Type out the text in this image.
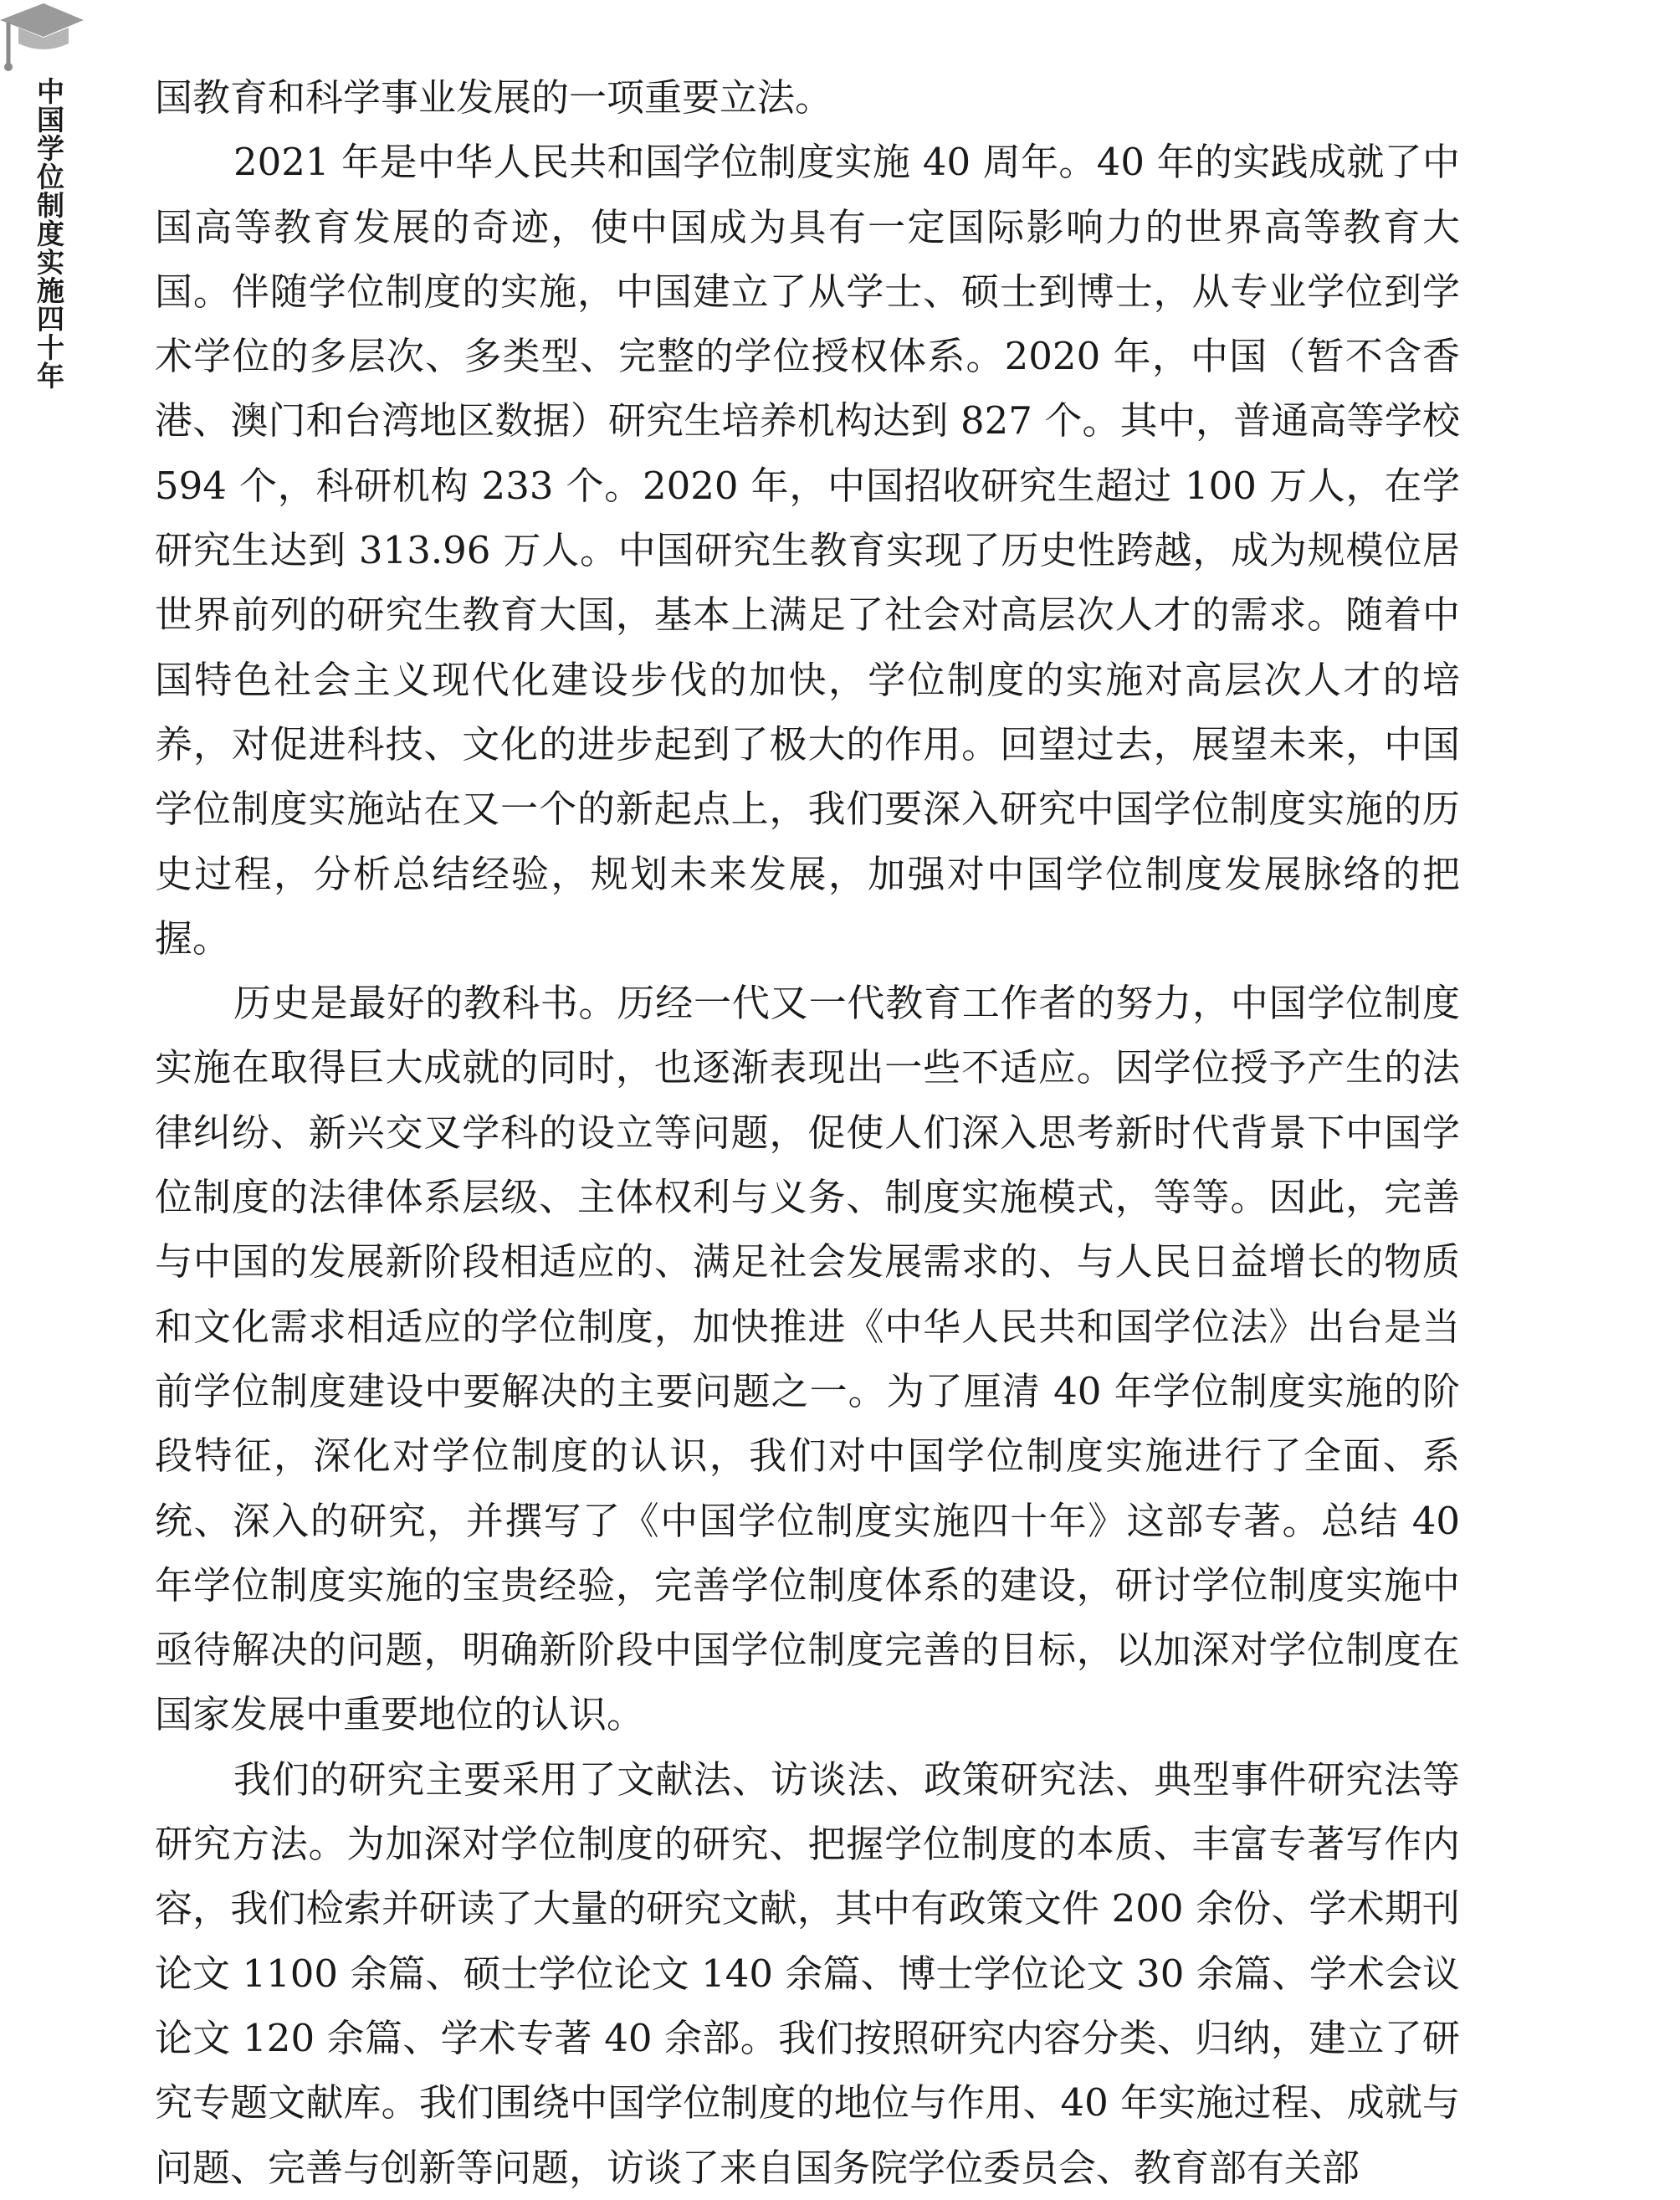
中国学位制度实施四十年 国教育和科学事业发展的一项重要立法。

2021 年是中华人民共和国学位制度实施 40 周年。40 年的实践成就了中国高等教育发展的奇迹，使中国成为具有一定国际影响力的世界高等教育大国。伴随学位制度的实施，中国建立了从学士、硕士到博士，从专业学位到学术学位的多层次、多类型、完整的学位授权体系。2020 年，中国（暂不含香港、澳门和台湾地区数据）研究生培养机构达到 827 个。其中，普通高等学校 594 个，科研机构 233 个。2020 年，中国招收研究生超过 100 万人，在学研究生达到 313.96 万人。中国研究生教育实现了历史性跨越，成为规模位居世界前列的研究生教育大国，基本上满足了社会对高层次人才的需求。随着中国特色社会主义现代化建设步伐的加快，学位制度的实施对高层次人才的培养，对促进科技、文化的进步起到了极大的作用。回望过去，展望未来，中国学位制度实施站在又一个的新起点上，我们要深入研究中国学位制度实施的历史过程，分析总结经验，规划未来发展，加强对中国学位制度发展脉络的把握。

历史是最好的教科书。历经一代又一代教育工作者的努力，中国学位制度实施在取得巨大成就的同时，也逐渐表现出一些不适应。因学位授予产生的法律纠纷、新兴交叉学科的设立等问题，促使人们深入思考新时代背景下中国学位制度的法律体系层级、主体权利与义务、制度实施模式，等等。因此，完善与中国的发展新阶段相适应的、满足社会发展需求的、与人民日益增长的物质和文化需求相适应的学位制度，加快推进《中华人民共和国学位法》出台是当前学位制度建设中要解决的主要问题之一。为了厘清 40 年学位制度实施的阶段特征，深化对学位制度的认识，我们对中国学位制度实施进行了全面、系统、深入的研究，并撰写了《中国学位制度实施四十年》这部专著。总结 40 年学位制度实施的宝贵经验，完善学位制度体系的建设，研讨学位制度实施中亟待解决的问题，明确新阶段中国学位制度完善的目标，以加深对学位制度在国家发展中重要地位的认识。

我们的研究主要采用了文献法、访谈法、政策研究法、典型事件研究法等研究方法。为加深对学位制度的研究、把握学位制度的本质、丰富专著写作内容，我们检索并研读了大量的研究文献，其中有政策文件 200 余份、学术期刊论文 1100 余篇、硕士学位论文 140 余篇、博士学位论文 30 余篇、学术会议论文 120 余篇、学术专著 40 余部。我们按照研究内容分类、归纳，建立了研究专题文献库。我们围绕中国学位制度的地位与作用、40 年实施过程、成就与问题、完善与创新等问题，访谈了来自国务院学位委员会、教育部有关部
